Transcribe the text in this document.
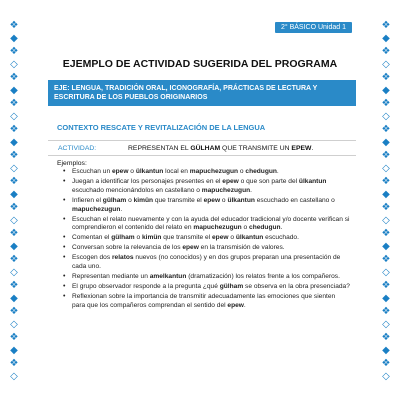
❖
◆
❖
◇
❖
◆
❖
◇
❖
◆
❖
◇
❖
◆
❖
◇
❖
◆
❖
◇
❖
◆
❖
◇
❖
◆
❖
◇
❖
◆
❖
◇
❖
◆
❖
◇
❖
◆
❖
◇
❖
◆
❖
◇
❖
◆
❖
◇
❖
◆
❖
◇
❖
◆
❖
◇
2° BÁSICO Unidad 1
EJEMPLO DE ACTIVIDAD SUGERIDA DEL PROGRAMA
EJE: LENGUA, TRADICIÓN ORAL, ICONOGRAFÍA, PRÁCTICAS DE LECTURA Y ESCRITURA DE LOS PUEBLOS ORIGINARIOS
CONTEXTO RESCATE Y REVITALIZACIÓN DE LA LENGUA
ACTIVIDAD:	REPRESENTAN EL GÜLHAM QUE TRANSMITE UN EPEW.
Ejemplos:
• Escuchan un epew o ülkantun local en mapuchezugun o chedugun.
• Juegan a identificar los personajes presentes en el epew o que son parte del ülkantun escuchado mencionándolos en castellano o mapuchezugun.
• Infieren el gülham o kimün que transmite el epew o ülkantun escuchado en castellano o mapuchezugun.
• Escuchan el relato nuevamente y con la ayuda del educador tradicional y/o docente verifican si comprendieron el contenido del relato en mapuchezugun o chedugun.
• Comentan el gülham o kimün que transmite el epew o ülkantun escuchado.
• Conversan sobre la relevancia de los epew en la transmisión de valores.
• Escogen dos relatos nuevos (no conocidos) y en dos grupos preparan una presentación de cada uno.
• Representan mediante un amelkantun (dramatización) los relatos frente a los compañeros.
• El grupo observador responde a la pregunta ¿qué gülham se observa en la obra presenciada?
• Reflexionan sobre la importancia de transmitir adecuadamente las emociones que sienten para que los compañeros comprendan el sentido del epew.
